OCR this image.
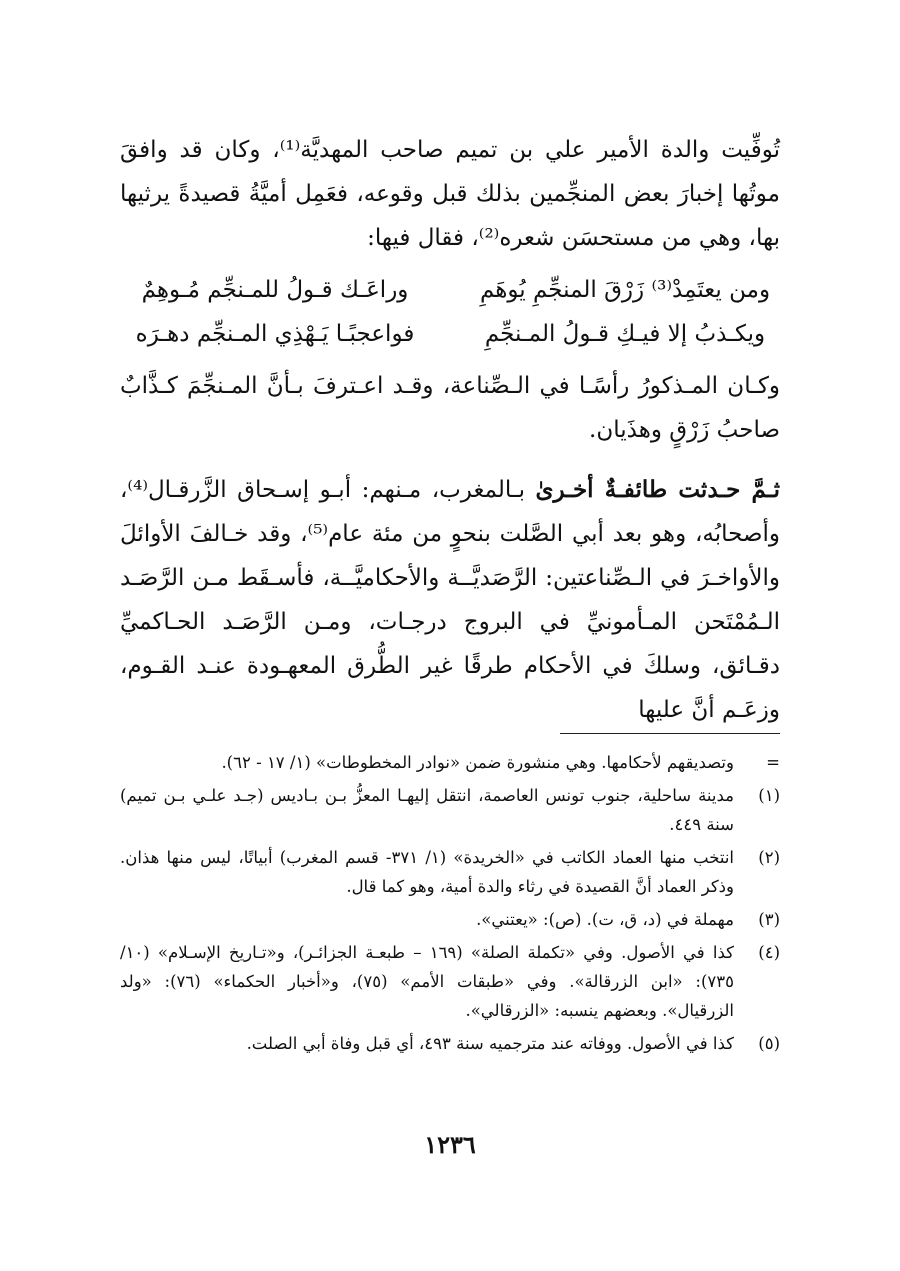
تُوفِّيت والدة الأمير علي بن تميم صاحب المهديَّة⁽¹⁾، وكان قد وافقَ موتُها إخبارَ بعض المنجِّمين بذلك قبل وقوعه، فعَمِل أميَّةُ قصيدةً يرثيها بها، وهي من مستحسَن شعره⁽²⁾، فقال فيها:

ومن يعتَمِدْ⁽³⁾ زَرْقَ المنجِّمِ يُوهَمِ
وراعَـك قـولُ للمـنجِّم مُـوهِمٌ
ويكـذبُ إلا فيـكِ قـولُ المـنجِّمِ
فواعجبًـا يَـهْذِي المـنجِّم دهـرَه

وكـان المـذكورُ رأسًـا في الـصِّناعة، وقـد اعـترفَ بـأنَّ المـنجِّمَ كـذَّابٌ صاحبُ زَرْقٍ وهذَيان.

ثـمَّ حـدثت طائفـةٌ أخـرىٰ بـالمغرب، مـنهم: أبـو إسـحاق الزَّرقـال⁽⁴⁾، وأصحابُه، وهو بعد أبي الصَّلت بنحوٍ من مئة عام⁽⁵⁾، وقد خـالفَ الأوائلَ والأواخـرَ في الـصِّناعتين: الرَّصَديَّــة والأحكاميَّــة، فأسـقَط مـن الرَّصَـد الـمُمْتَحن المـأمونيِّ في البروج درجـات، ومـن الرَّصَـد الحـاكميِّ دقـائق، وسلكَ في الأحكام طرقًا غير الطُّرق المعهـودة عنـد القـوم، وزعَـم أنَّ عليها

=
وتصديقهم لأحكامها. وهي منشورة ضمن «نوادر المخطوطات» (١/ ١٧ - ٦٢).
(١)
مدينة ساحلية، جنوب تونس العاصمة، انتقل إليهـا المعزُّ بـن بـاديس (جـد علـي بـن تميم) سنة ٤٤٩.
(٢)
انتخب منها العماد الكاتب في «الخريدة» (١/ ٣٧١- قسم المغرب) أبياتًا، ليس منها هذان. وذكر العماد أنَّ القصيدة في رثاء والدة أمية، وهو كما قال.
(٣)
مهملة في (د، ق، ت). (ص): «يعتني».
(٤)
كذا في الأصول. وفي «تكملة الصلة» (١٦٩ – طبعـة الجزائـر)، و«تـاريخ الإسـلام» (١٠/ ٧٣٥): «ابن الزرقالة». وفي «طبقات الأمم» (٧٥)، و«أخبار الحكماء» (٧٦): «ولد الزرقيال». وبعضهم ينسبه: «الزرقالي».
(٥)
كذا في الأصول. ووفاته عند مترجميه سنة ٤٩٣، أي قبل وفاة أبي الصلت.
١٢٣٦
